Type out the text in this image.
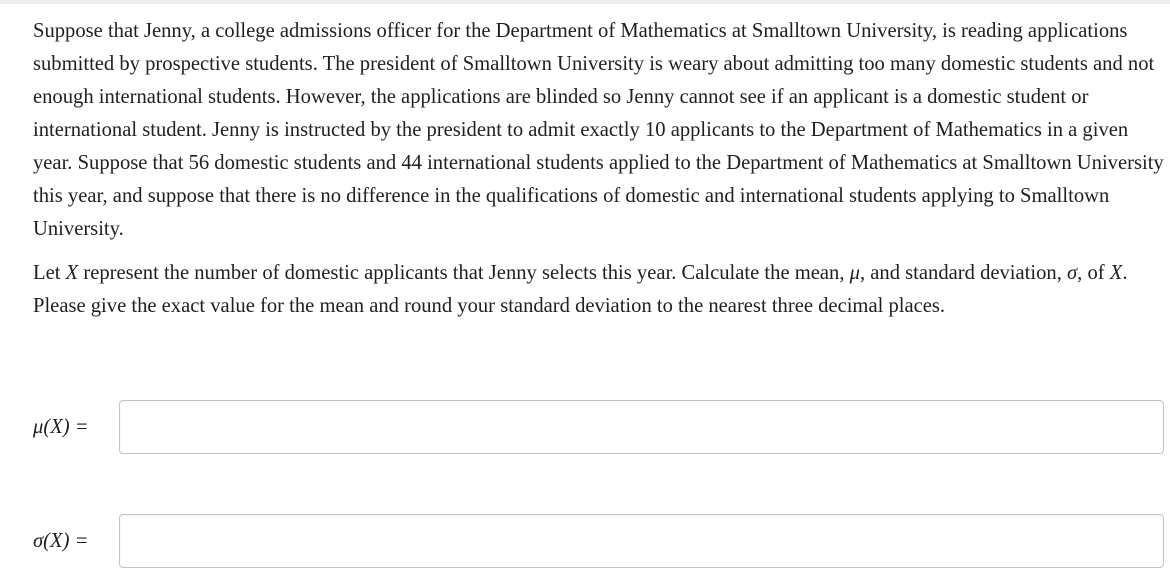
Suppose that Jenny, a college admissions officer for the Department of Mathematics at Smalltown University, is reading applications submitted by prospective students. The president of Smalltown University is weary about admitting too many domestic students and not enough international students. However, the applications are blinded so Jenny cannot see if an applicant is a domestic student or international student. Jenny is instructed by the president to admit exactly 10 applicants to the Department of Mathematics in a given year. Suppose that 56 domestic students and 44 international students applied to the Department of Mathematics at Smalltown University this year, and suppose that there is no difference in the qualifications of domestic and international students applying to Smalltown University.

Let X represent the number of domestic applicants that Jenny selects this year. Calculate the mean, μ, and standard deviation, σ, of X. Please give the exact value for the mean and round your standard deviation to the nearest three decimal places.

μ(X) =
σ(X) =
